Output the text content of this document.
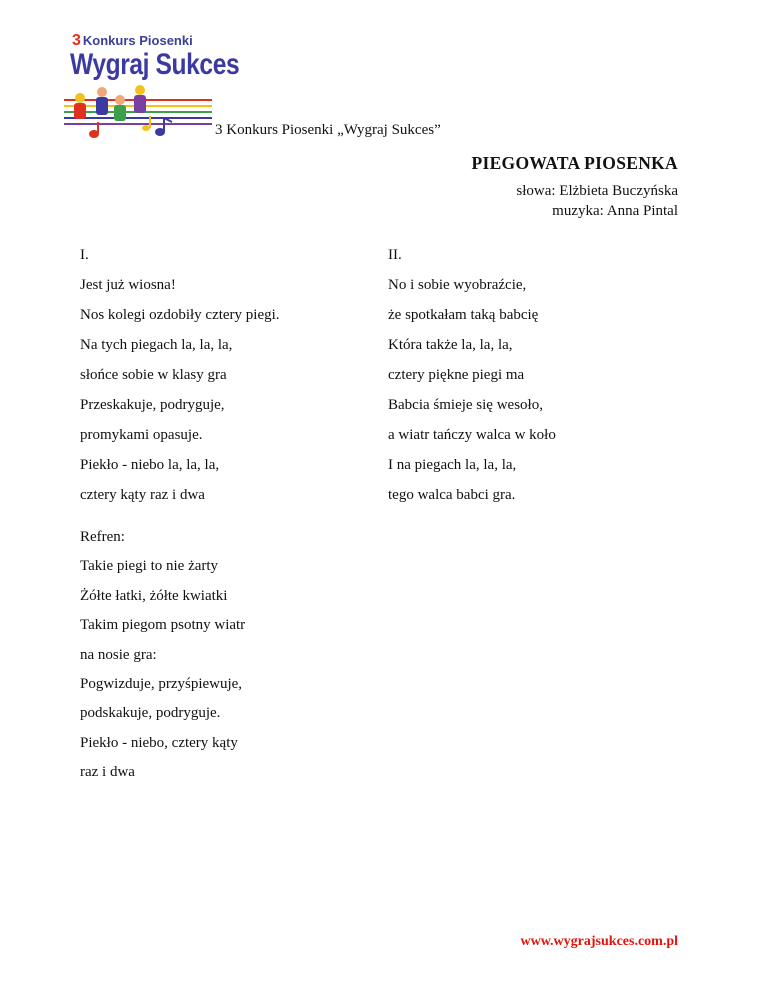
3 Konkurs Piosenki
Wygraj Sukces
3 Konkurs Piosenki „Wygraj Sukces”
PIEGOWATA PIOSENKA
słowa: Elżbieta Buczyńska
muzyka: Anna Pintal
I.
Jest już wiosna!
Nos kolegi ozdobiły cztery piegi.
Na tych piegach la, la, la,
słońce sobie w klasy gra
Przeskakuje, podryguje,
promykami opasuje.
Piekło - niebo la, la, la,
cztery kąty raz i dwa
II.
No i sobie wyobraźcie,
że spotkałam taką babcię
Która także la, la, la,
cztery piękne piegi ma
Babcia śmieje się wesoło,
a wiatr tańczy walca w koło
I na piegach la, la, la,
tego walca babci gra.
Refren:
Takie piegi to nie żarty
Żółte łatki, żółte kwiatki
Takim piegom psotny wiatr
na nosie gra:
Pogwizduje, przyśpiewuje,
podskakuje, podryguje.
Piekło - niebo, cztery kąty
raz i dwa
www.wygrajsukces.com.pl
